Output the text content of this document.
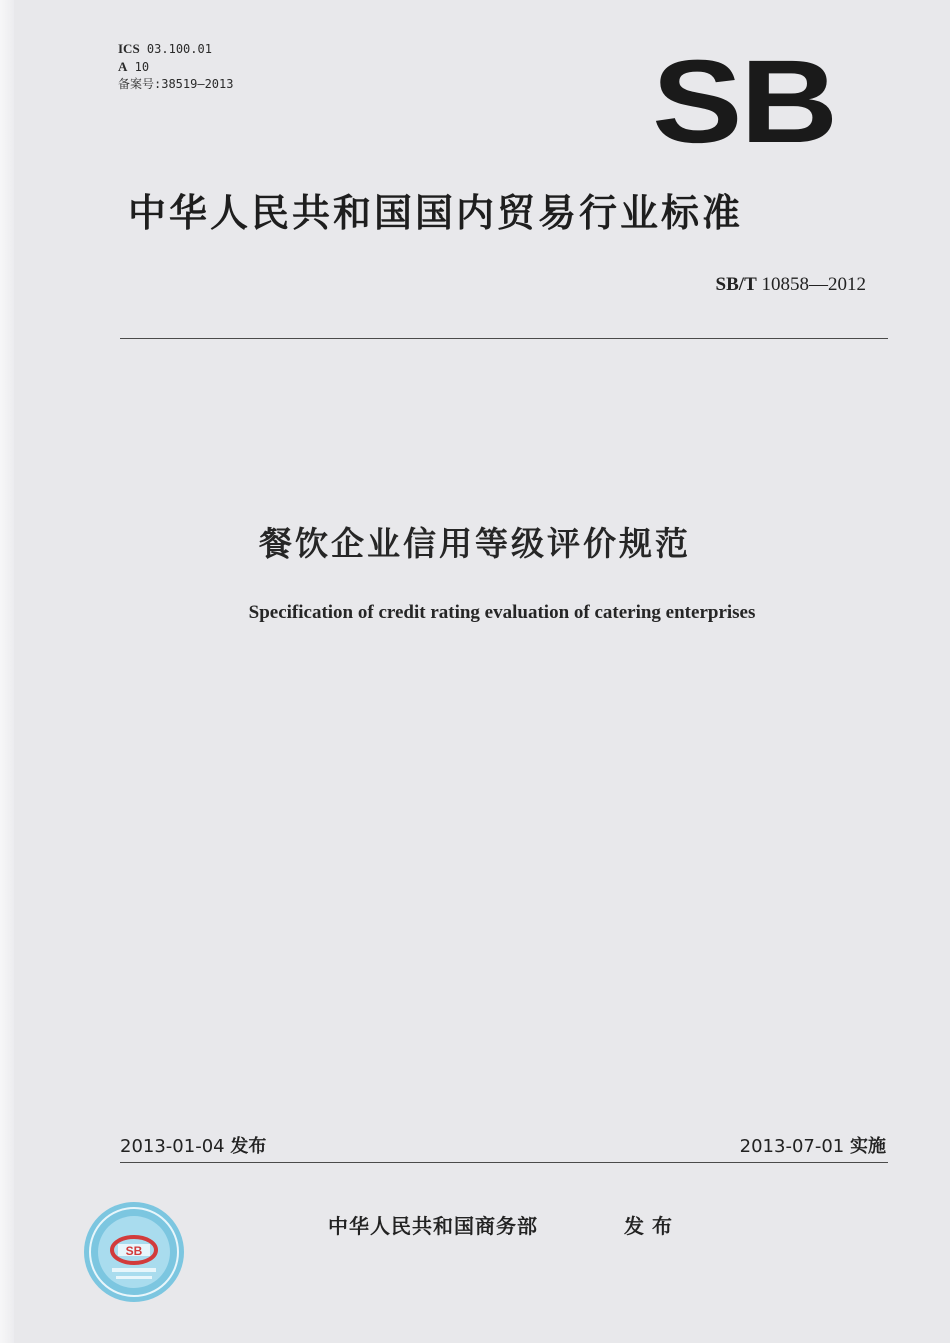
ICS 03.100.01
A 10
备案号:38519—2013	SB
中华人民共和国国内贸易行业标准
SB/T 10858—2012
餐饮企业信用等级评价规范
Specification of credit rating evaluation of catering enterprises
2013-01-04 发布	2013-07-01 实施
SB
中华人民共和国商务部	发布
